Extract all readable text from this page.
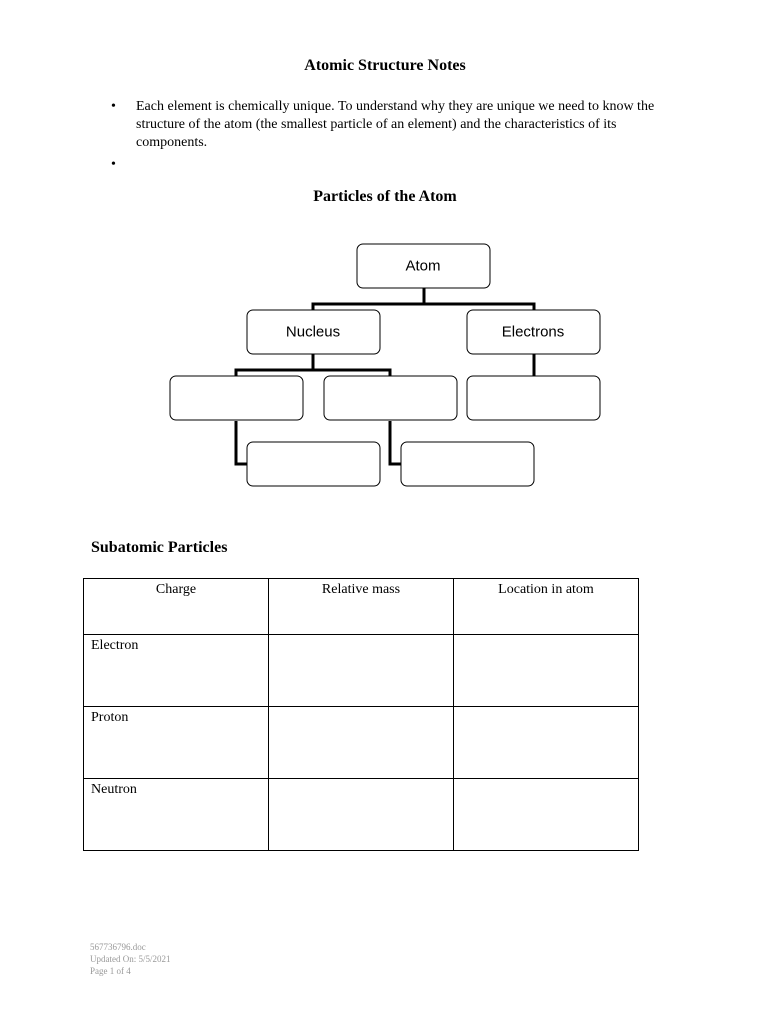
Atomic Structure Notes
•	Each element is chemically unique. To understand why they are unique we need to know the structure of the atom (the smallest particle of an element) and the characteristics of its components.
•
Particles of the Atom
Atom
Nucleus	Electrons
Subatomic Particles
Charge	Relative mass	Location in atom
Electron		
Proton		
Neutron		
567736796.doc
Updated On: 5/5/2021
Page 1 of 4
